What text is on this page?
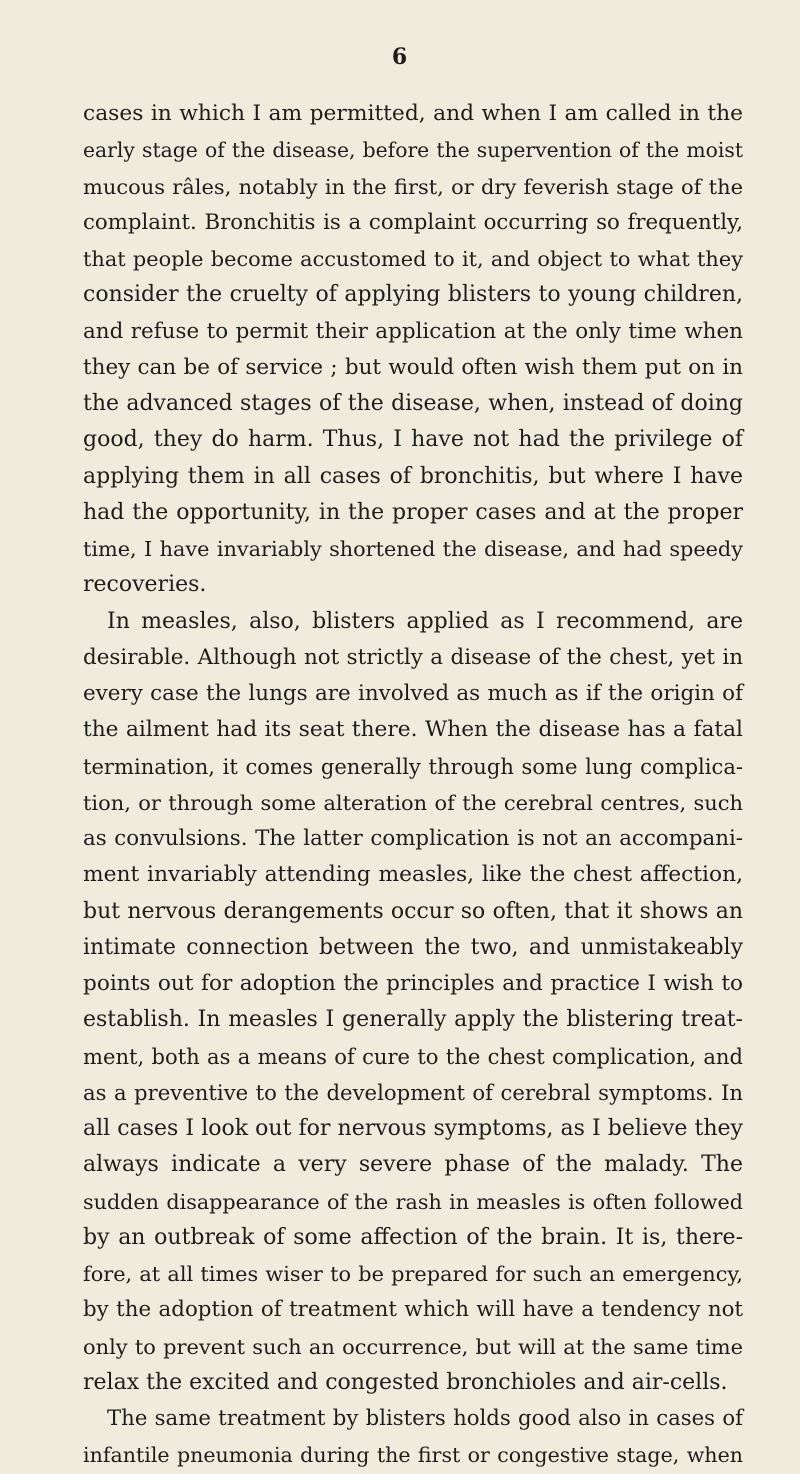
6
cases in which I am permitted, and when I am called in the
early stage of the disease, before the supervention of the moist
mucous râles, notably in the first, or dry feverish stage of the
complaint. Bronchitis is a complaint occurring so frequently,
that people become accustomed to it, and object to what they
consider the cruelty of applying blisters to young children,
and refuse to permit their application at the only time when
they can be of service ; but would often wish them put on in
the advanced stages of the disease, when, instead of doing
good, they do harm. Thus, I have not had the privilege of
applying them in all cases of bronchitis, but where I have
had the opportunity, in the proper cases and at the proper
time, I have invariably shortened the disease, and had speedy
recoveries.
In measles, also, blisters applied as I recommend, are
desirable. Although not strictly a disease of the chest, yet in
every case the lungs are involved as much as if the origin of
the ailment had its seat there. When the disease has a fatal
termination, it comes generally through some lung complica-
tion, or through some alteration of the cerebral centres, such
as convulsions. The latter complication is not an accompani-
ment invariably attending measles, like the chest affection,
but nervous derangements occur so often, that it shows an
intimate connection between the two, and unmistakeably
points out for adoption the principles and practice I wish to
establish. In measles I generally apply the blistering treat-
ment, both as a means of cure to the chest complication, and
as a preventive to the development of cerebral symptoms. In
all cases I look out for nervous symptoms, as I believe they
always indicate a very severe phase of the malady. The
sudden disappearance of the rash in measles is often followed
by an outbreak of some affection of the brain. It is, there-
fore, at all times wiser to be prepared for such an emergency,
by the adoption of treatment which will have a tendency not
only to prevent such an occurrence, but will at the same time
relax the excited and congested bronchioles and air-cells.
The same treatment by blisters holds good also in cases of
infantile pneumonia during the first or congestive stage, when
